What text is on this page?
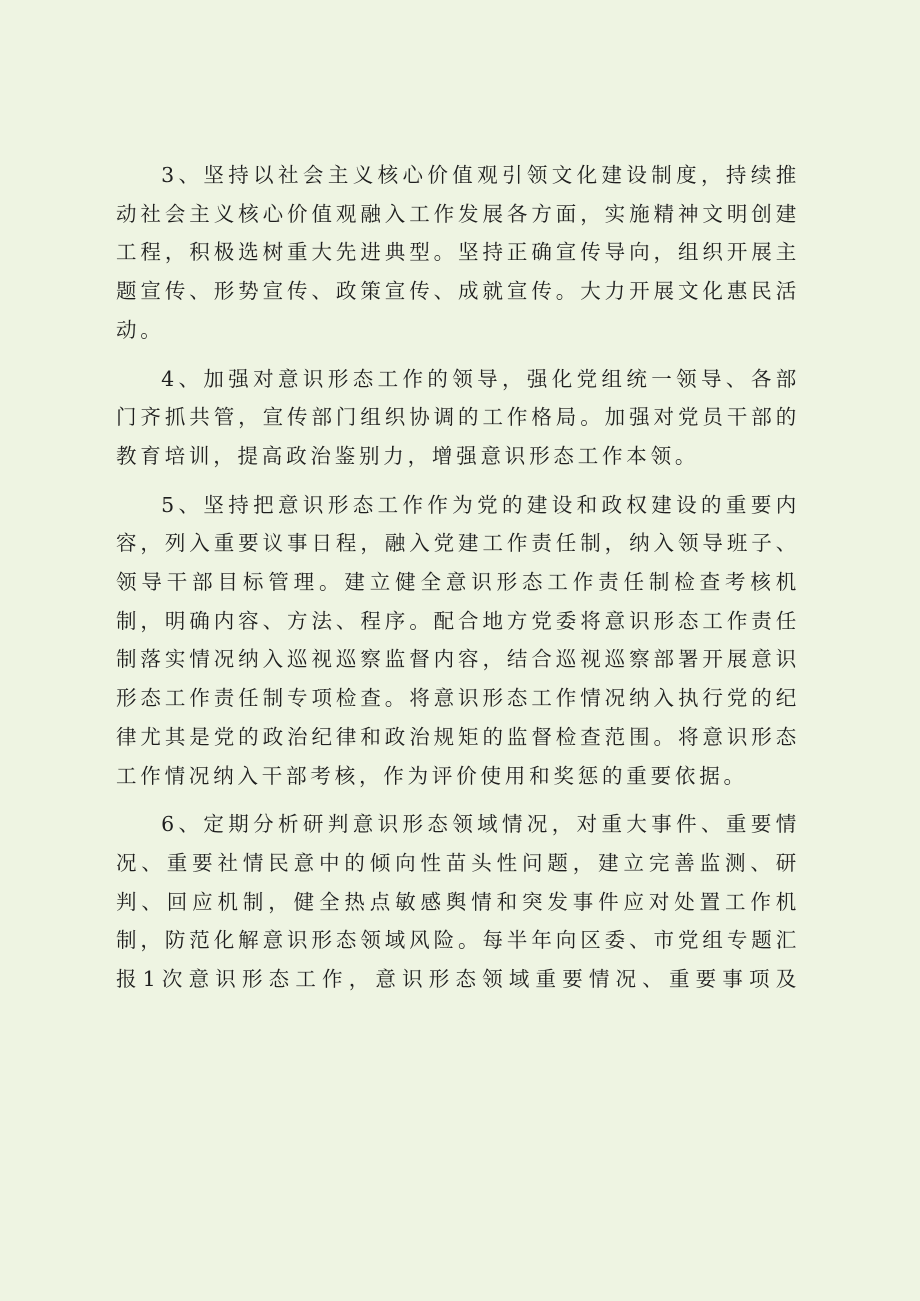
3、坚持以社会主义核心价值观引领文化建设制度，持续推动社会主义核心价值观融入工作发展各方面，实施精神文明创建工程，积极选树重大先进典型。坚持正确宣传导向，组织开展主题宣传、形势宣传、政策宣传、成就宣传。大力开展文化惠民活动。

4、加强对意识形态工作的领导，强化党组统一领导、各部门齐抓共管，宣传部门组织协调的工作格局。加强对党员干部的教育培训，提高政治鉴别力，增强意识形态工作本领。

5、坚持把意识形态工作作为党的建设和政权建设的重要内容，列入重要议事日程，融入党建工作责任制，纳入领导班子、领导干部目标管理。建立健全意识形态工作责任制检查考核机制，明确内容、方法、程序。配合地方党委将意识形态工作责任制落实情况纳入巡视巡察监督内容，结合巡视巡察部署开展意识形态工作责任制专项检查。将意识形态工作情况纳入执行党的纪律尤其是党的政治纪律和政治规矩的监督检查范围。将意识形态工作情况纳入干部考核，作为评价使用和奖惩的重要依据。

6、定期分析研判意识形态领域情况，对重大事件、重要情况、重要社情民意中的倾向性苗头性问题，建立完善监测、研判、回应机制，健全热点敏感舆情和突发事件应对处置工作机制，防范化解意识形态领域风险。每半年向区委、市党组专题汇报1次意识形态工作，意识形态领域重要情况、重要事项及
